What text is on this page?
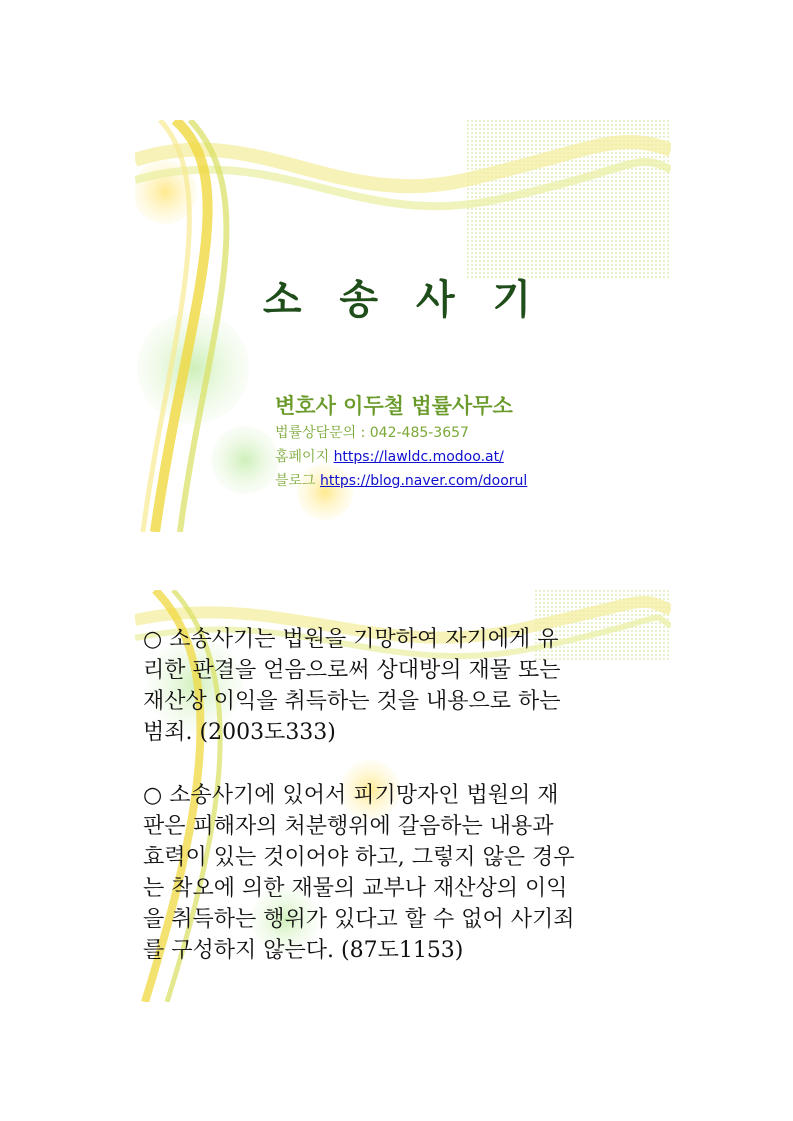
소 송 사 기
변호사 이두철 법률사무소
법률상담문의 : 042-485-3657
홈페이지 https://lawldc.modoo.at/
블로그 https://blog.naver.com/doorul
○ 소송사기는 법원을 기망하여 자기에게 유
리한 판결을 얻음으로써 상대방의 재물 또는
재산상 이익을 취득하는 것을 내용으로 하는
범죄. (2003도333)
○ 소송사기에 있어서 피기망자인 법원의 재
판은 피해자의 처분행위에 갈음하는 내용과
효력이 있는 것이어야 하고, 그렇지 않은 경우
는 착오에 의한 재물의 교부나 재산상의 이익
을 취득하는 행위가 있다고 할 수 없어 사기죄
를 구성하지 않는다. (87도1153)
